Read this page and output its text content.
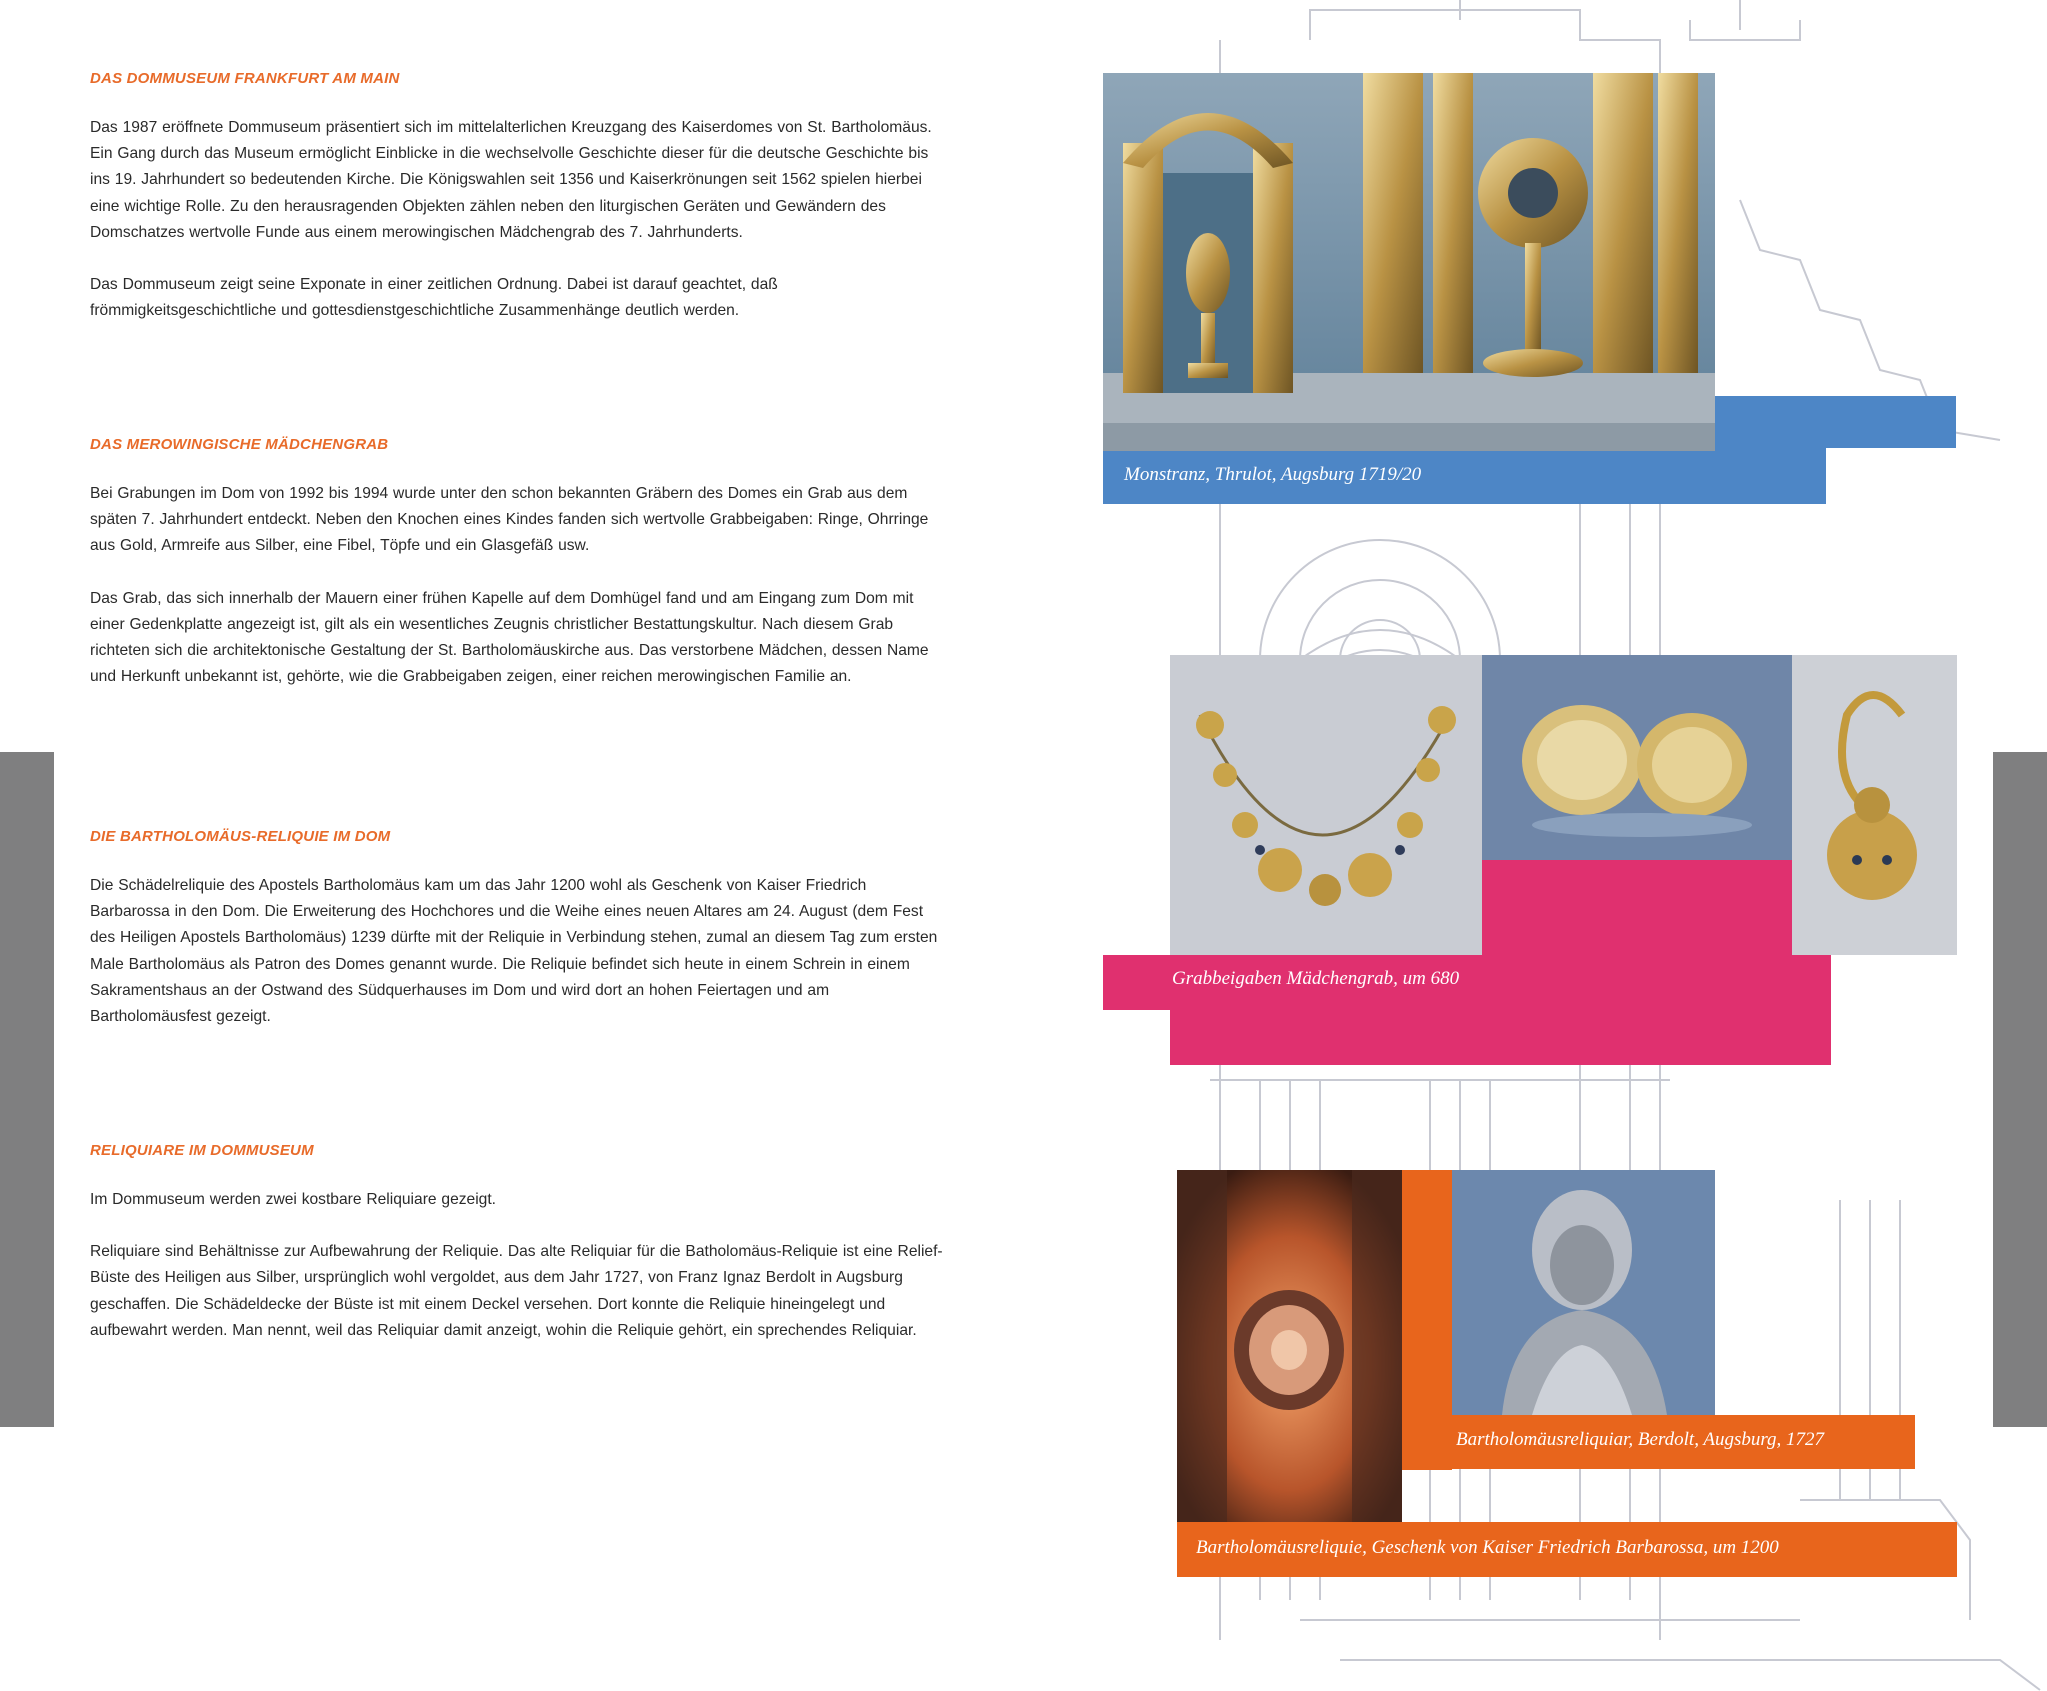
DAS DOMMUSEUM FRANKFURT AM MAIN

Das 1987 eröffnete Dommuseum präsentiert sich im mittelalterlichen Kreuzgang des Kaiserdomes von St. Bartholomäus. Ein Gang durch das Museum ermöglicht Einblicke in die wechselvolle Geschichte dieser für die deutsche Geschichte bis ins 19. Jahrhundert so bedeutenden Kirche. Die Königswahlen seit 1356 und Kaiserkrönungen seit 1562 spielen hierbei eine wichtige Rolle. Zu den herausragenden Objekten zählen neben den liturgischen Geräten und Gewändern des Domschatzes wertvolle Funde aus einem merowingischen Mädchengrab des 7. Jahrhunderts.

Das Dommuseum zeigt seine Exponate in einer zeitlichen Ordnung. Dabei ist darauf geachtet, daß frömmigkeitsgeschichtliche und gottesdienstgeschichtliche Zusammenhänge deutlich werden.

DAS MEROWINGISCHE MÄDCHENGRAB

Bei Grabungen im Dom von 1992 bis 1994 wurde unter den schon bekannten Gräbern des Domes ein Grab aus dem späten 7. Jahrhundert entdeckt. Neben den Knochen eines Kindes fanden sich wertvolle Grabbeigaben: Ringe, Ohrringe aus Gold, Armreife aus Silber, eine Fibel, Töpfe und ein Glasgefäß usw.

Das Grab, das sich innerhalb der Mauern einer frühen Kapelle auf dem Domhügel fand und am Eingang zum Dom mit einer Gedenkplatte angezeigt ist, gilt als ein wesentliches Zeugnis christlicher Bestattungskultur. Nach diesem Grab richteten sich die architektonische Gestaltung der St. Bartholomäuskirche aus. Das verstorbene Mädchen, dessen Name und Herkunft unbekannt ist, gehörte, wie die Grabbeigaben zeigen, einer reichen merowingischen Familie an.

DIE BARTHOLOMÄUS-RELIQUIE IM DOM

Die Schädelreliquie des Apostels Bartholomäus kam um das Jahr 1200 wohl als Geschenk von Kaiser Friedrich Barbarossa in den Dom. Die Erweiterung des Hochchores und die Weihe eines neuen Altares am 24. August (dem Fest des Heiligen Apostels Bartholomäus) 1239 dürfte mit der Reliquie in Verbindung stehen, zumal an diesem Tag zum ersten Male Bartholomäus als Patron des Domes genannt wurde. Die Reliquie befindet sich heute in einem Schrein in einem Sakramentshaus an der Ostwand des Südquerhauses im Dom und wird dort an hohen Feiertagen und am Bartholomäusfest gezeigt.

RELIQUIARE IM DOMMUSEUM

Im Dommuseum werden zwei kostbare Reliquiare gezeigt.

Reliquiare sind Behältnisse zur Aufbewahrung der Reliquie. Das alte Reliquiar für die Batholomäus-Reliquie ist eine Relief-Büste des Heiligen aus Silber, ursprünglich wohl vergoldet, aus dem Jahr 1727, von Franz Ignaz Berdolt in Augsburg geschaffen. Die Schädeldecke der Büste ist mit einem Deckel versehen. Dort konnte die Reliquie hineingelegt und aufbewahrt werden. Man nennt, weil das Reliquiar damit anzeigt, wohin die Reliquie gehört, ein sprechendes Reliquiar.

Monstranz, Thrulot, Augsburg 1719/20
Grabbeigaben Mädchengrab, um 680
Bartholomäusreliquiar, Berdolt, Augsburg, 1727
Bartholomäusreliquie, Geschenk von Kaiser Friedrich Barbarossa, um 1200
